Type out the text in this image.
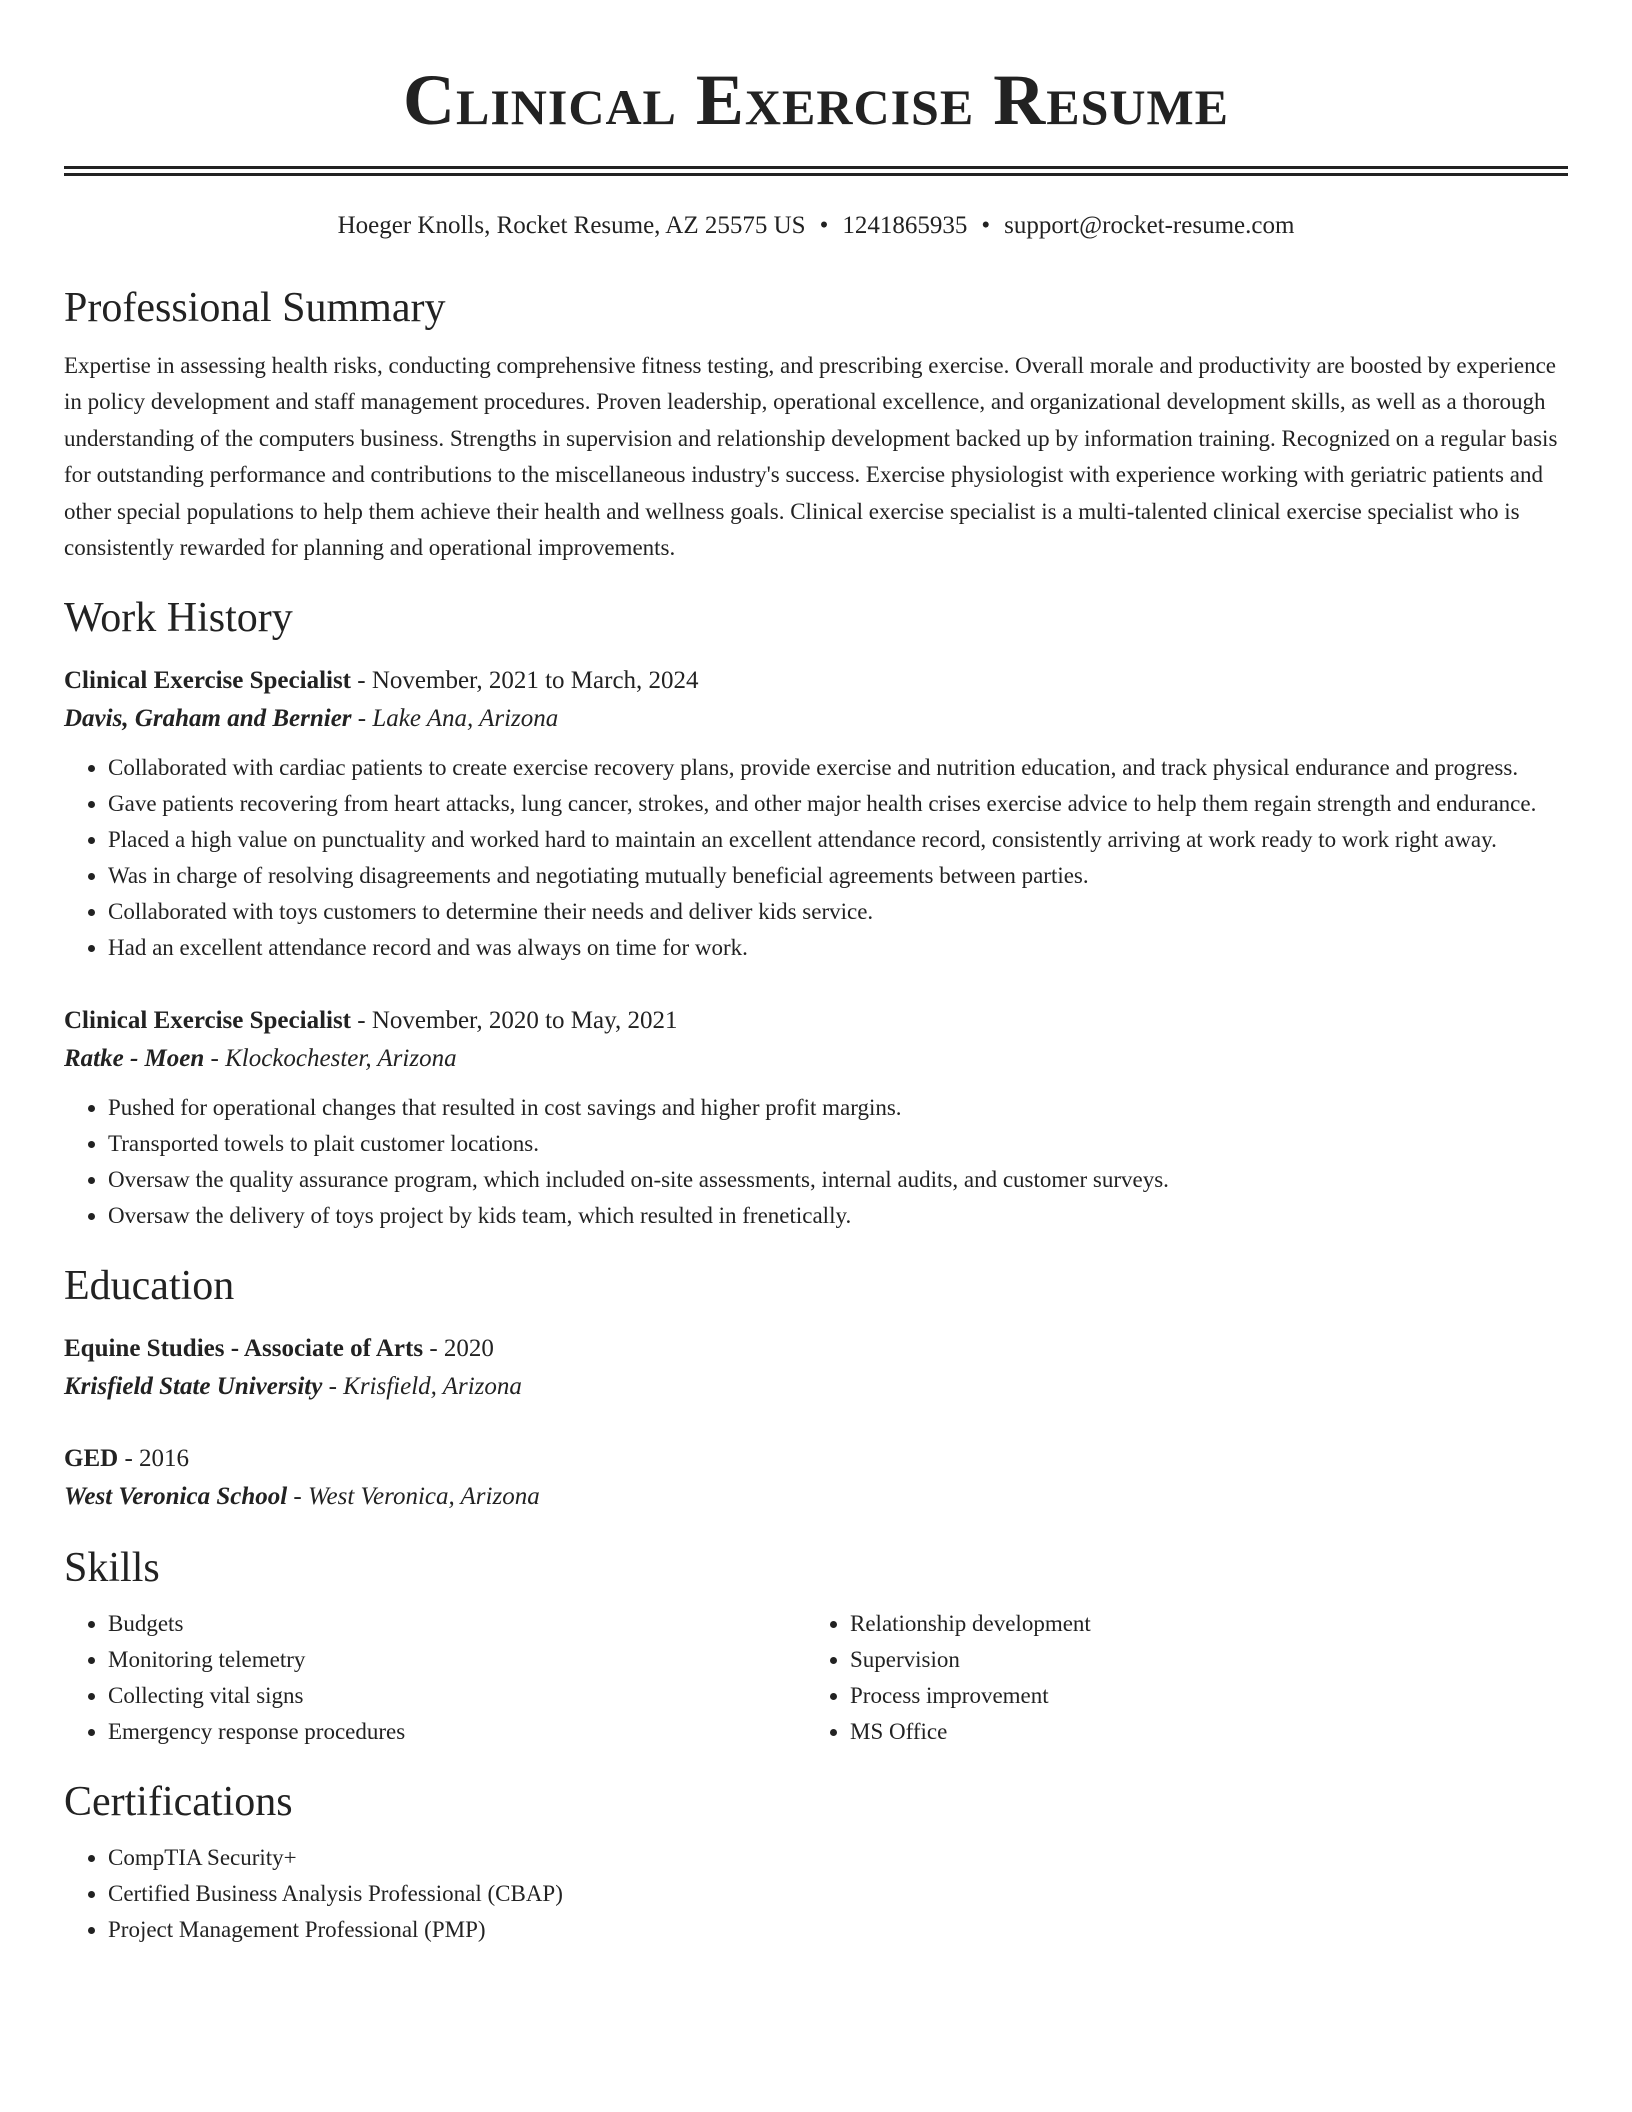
Clinical Exercise Resume
Hoeger Knolls, Rocket Resume, AZ 25575 US • 1241865935 • support@rocket-resume.com
Professional Summary

Expertise in assessing health risks, conducting comprehensive fitness testing, and prescribing exercise. Overall morale and productivity are boosted by experience in policy development and staff management procedures. Proven leadership, operational excellence, and organizational development skills, as well as a thorough understanding of the computers business. Strengths in supervision and relationship development backed up by information training. Recognized on a regular basis for outstanding performance and contributions to the miscellaneous industry's success. Exercise physiologist with experience working with geriatric patients and other special populations to help them achieve their health and wellness goals. Clinical exercise specialist is a multi-talented clinical exercise specialist who is consistently rewarded for planning and operational improvements.

Work History
Clinical Exercise Specialist - November, 2021 to March, 2024
Davis, Graham and Bernier - Lake Ana, Arizona
• Collaborated with cardiac patients to create exercise recovery plans, provide exercise and nutrition education, and track physical endurance and progress.
• Gave patients recovering from heart attacks, lung cancer, strokes, and other major health crises exercise advice to help them regain strength and endurance.
• Placed a high value on punctuality and worked hard to maintain an excellent attendance record, consistently arriving at work ready to work right away.
• Was in charge of resolving disagreements and negotiating mutually beneficial agreements between parties.
• Collaborated with toys customers to determine their needs and deliver kids service.
• Had an excellent attendance record and was always on time for work.
Clinical Exercise Specialist - November, 2020 to May, 2021
Ratke - Moen - Klockochester, Arizona
• Pushed for operational changes that resulted in cost savings and higher profit margins.
• Transported towels to plait customer locations.
• Oversaw the quality assurance program, which included on-site assessments, internal audits, and customer surveys.
• Oversaw the delivery of toys project by kids team, which resulted in frenetically.
Education
Equine Studies - Associate of Arts - 2020
Krisfield State University - Krisfield, Arizona
GED - 2016
West Veronica School - West Veronica, Arizona
Skills
• Budgets
• Monitoring telemetry
• Collecting vital signs
• Emergency response procedures
• Relationship development
• Supervision
• Process improvement
• MS Office
Certifications
• CompTIA Security+
• Certified Business Analysis Professional (CBAP)
• Project Management Professional (PMP)
